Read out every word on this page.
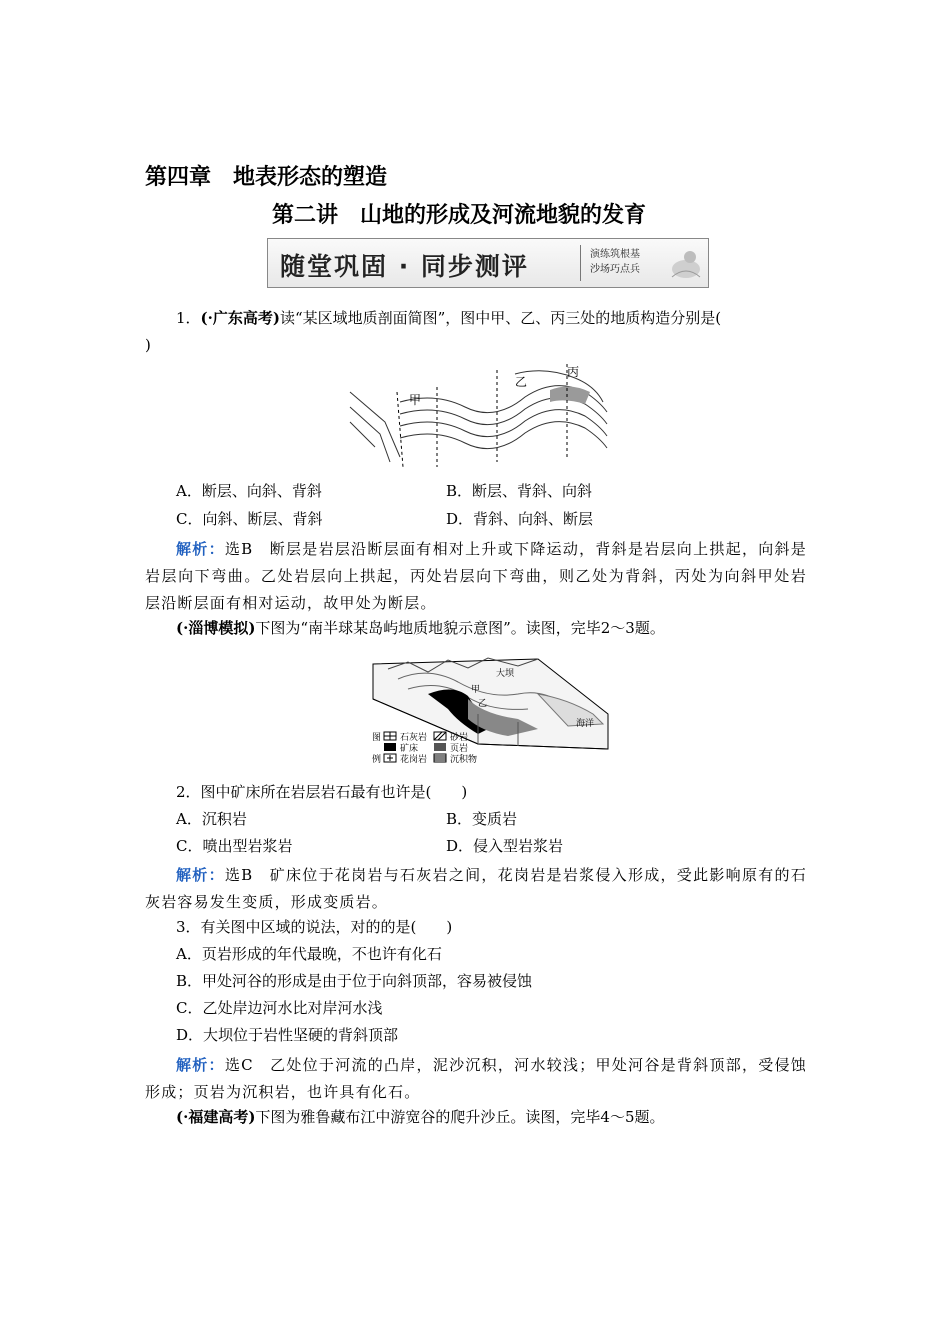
第四章　地表形态的塑造
第二讲　山地的形成及河流地貌的发育
随堂巩固 · 同步测评	演练筑根基
沙场巧点兵
1．(·广东高考)读“某区域地质剖面简图”，图中甲、乙、丙三处的地质构造分别是(
)
甲
乙
丙
A．断层、向斜、背斜	B．断层、背斜、向斜
C．向斜、断层、背斜	D．背斜、向斜、断层
解析：选B　断层是岩层沿断层面有相对上升或下降运动，背斜是岩层向上拱起，向斜是岩层向下弯曲。乙处岩层向上拱起，丙处岩层向下弯曲，则乙处为背斜，丙处为向斜甲处岩层沿断层面有相对运动，故甲处为断层。
(·淄博模拟)下图为“南半球某岛屿地质地貌示意图”。读图，完毕2～3题。
甲
大坝
乙
海洋
图
例
石灰岩	砂岩
矿床	页岩
花岗岩	沉积物
2．图中矿床所在岩层岩石最有也许是(　　)
A．沉积岩	B．变质岩
C．喷出型岩浆岩	D．侵入型岩浆岩
解析：选B　矿床位于花岗岩与石灰岩之间，花岗岩是岩浆侵入形成，受此影响原有的石灰岩容易发生变质，形成变质岩。
3．有关图中区域的说法，对的的是(　　)
A．页岩形成的年代最晚，不也许有化石
B．甲处河谷的形成是由于位于向斜顶部，容易被侵蚀
C．乙处岸边河水比对岸河水浅
D．大坝位于岩性坚硬的背斜顶部
解析：选C　乙处位于河流的凸岸，泥沙沉积，河水较浅；甲处河谷是背斜顶部，受侵蚀形成；页岩为沉积岩，也许具有化石。
(·福建高考)下图为雅鲁藏布江中游宽谷的爬升沙丘。读图，完毕4～5题。
